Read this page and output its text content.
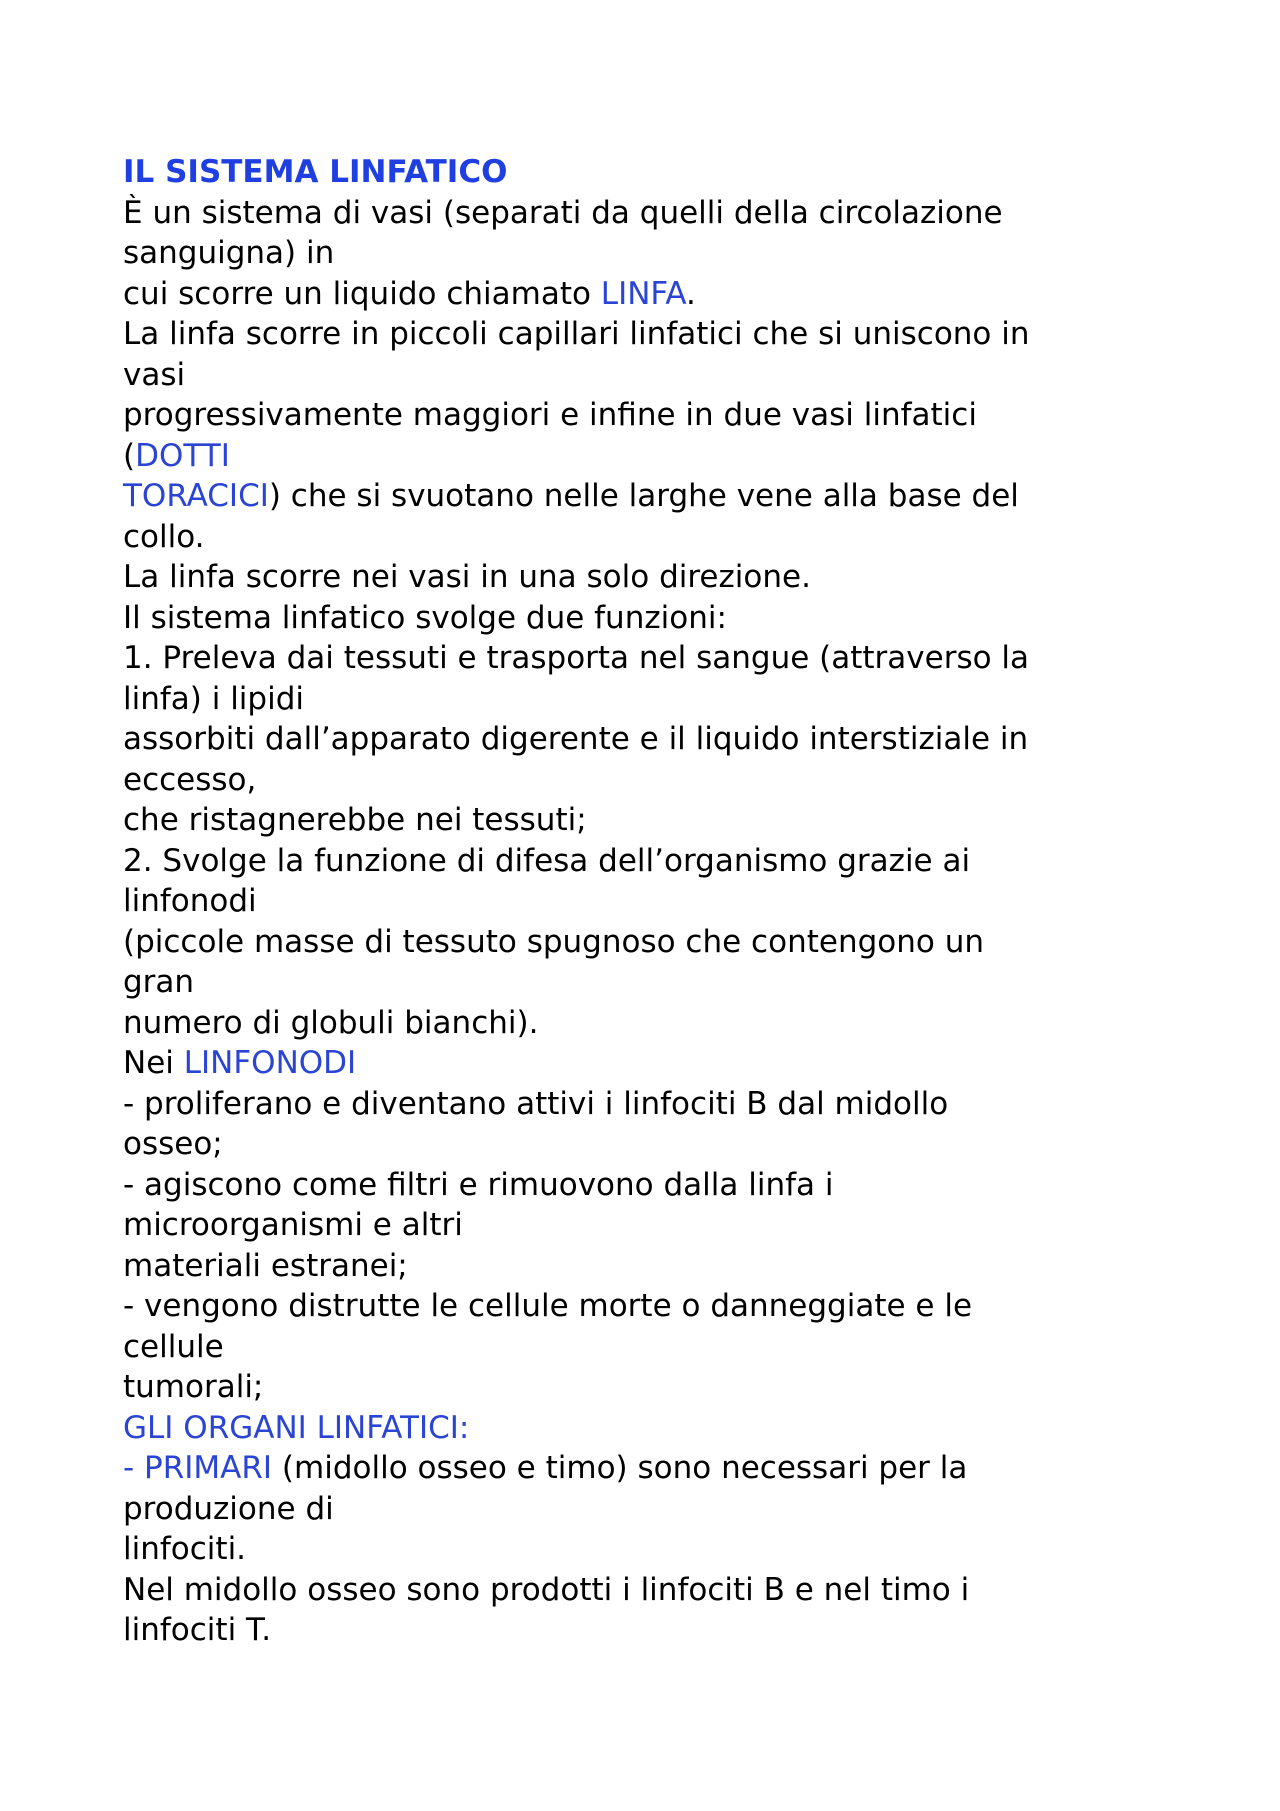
IL SISTEMA LINFATICO
È un sistema di vasi (separati da quelli della circolazione
sanguigna) in
cui scorre un liquido chiamato LINFA.
La linfa scorre in piccoli capillari linfatici che si uniscono in
vasi
progressivamente maggiori e infine in due vasi linfatici
(DOTTI
TORACICI) che si svuotano nelle larghe vene alla base del
collo.
La linfa scorre nei vasi in una solo direzione.
Il sistema linfatico svolge due funzioni:
1. Preleva dai tessuti e trasporta nel sangue (attraverso la
linfa) i lipidi
assorbiti dall’apparato digerente e il liquido interstiziale in
eccesso,
che ristagnerebbe nei tessuti;
2. Svolge la funzione di difesa dell’organismo grazie ai
linfonodi
(piccole masse di tessuto spugnoso che contengono un
gran
numero di globuli bianchi).
Nei LINFONODI
- proliferano e diventano attivi i linfociti B dal midollo
osseo;
- agiscono come filtri e rimuovono dalla linfa i
microorganismi e altri
materiali estranei;
- vengono distrutte le cellule morte o danneggiate e le
cellule
tumorali;
GLI ORGANI LINFATICI:
- PRIMARI (midollo osseo e timo) sono necessari per la
produzione di
linfociti.
Nel midollo osseo sono prodotti i linfociti B e nel timo i
linfociti T.
